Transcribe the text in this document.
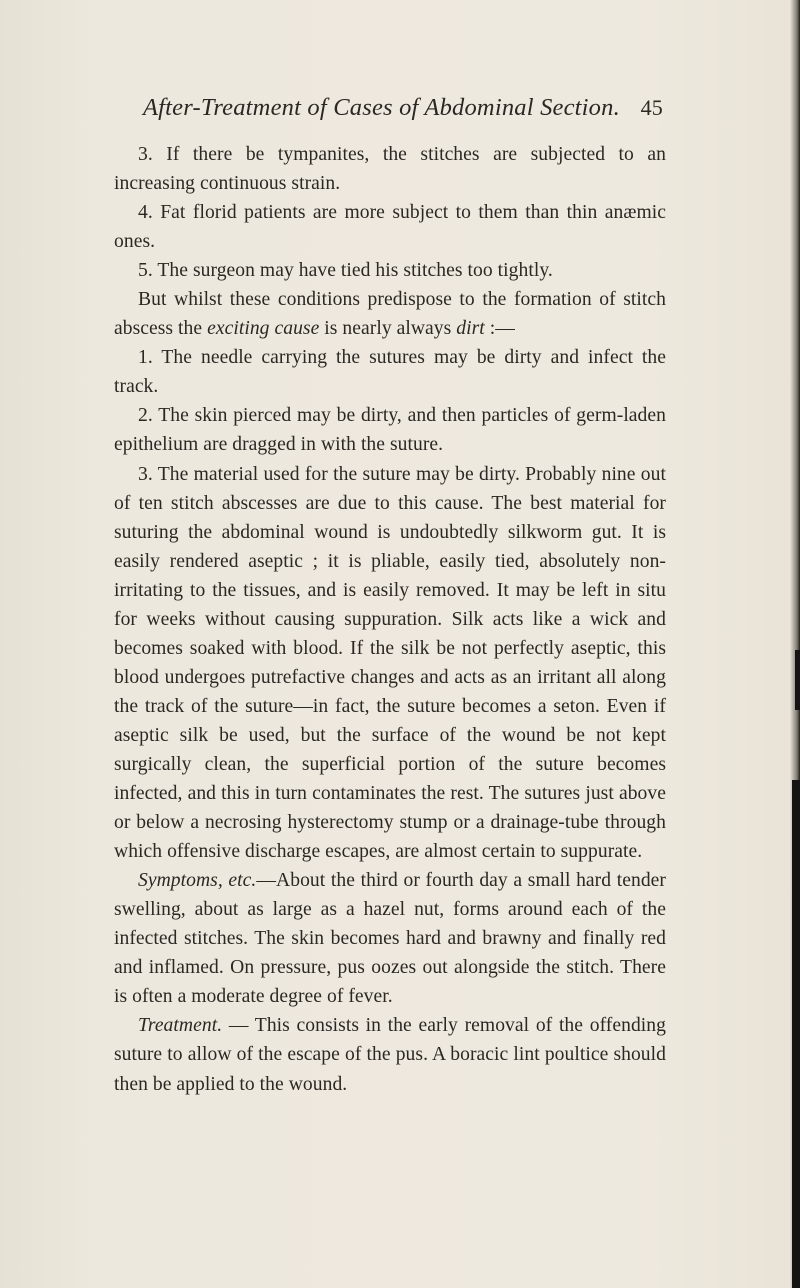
After-Treatment of Cases of Abdominal Section. 45

3. If there be tympanites, the stitches are subjected to an increasing continuous strain.

4. Fat florid patients are more subject to them than thin anæmic ones.

5. The surgeon may have tied his stitches too tightly.

But whilst these conditions predispose to the formation of stitch abscess the exciting cause is nearly always dirt :—

1. The needle carrying the sutures may be dirty and infect the track.

2. The skin pierced may be dirty, and then particles of germ-laden epithelium are dragged in with the suture.

3. The material used for the suture may be dirty. Probably nine out of ten stitch abscesses are due to this cause. The best material for suturing the abdominal wound is undoubtedly silkworm gut. It is easily rendered aseptic ; it is pliable, easily tied, absolutely non-irritating to the tissues, and is easily removed. It may be left in situ for weeks without causing suppuration. Silk acts like a wick and becomes soaked with blood. If the silk be not perfectly aseptic, this blood undergoes putrefactive changes and acts as an irritant all along the track of the suture—in fact, the suture becomes a seton. Even if aseptic silk be used, but the surface of the wound be not kept surgically clean, the superficial portion of the suture becomes infected, and this in turn contaminates the rest. The sutures just above or below a necrosing hysterectomy stump or a drainage-tube through which offensive discharge escapes, are almost certain to suppurate.

Symptoms, etc.—About the third or fourth day a small hard tender swelling, about as large as a hazel nut, forms around each of the infected stitches. The skin becomes hard and brawny and finally red and inflamed. On pressure, pus oozes out alongside the stitch. There is often a moderate degree of fever.

Treatment. — This consists in the early removal of the offending suture to allow of the escape of the pus. A boracic lint poultice should then be applied to the wound.
